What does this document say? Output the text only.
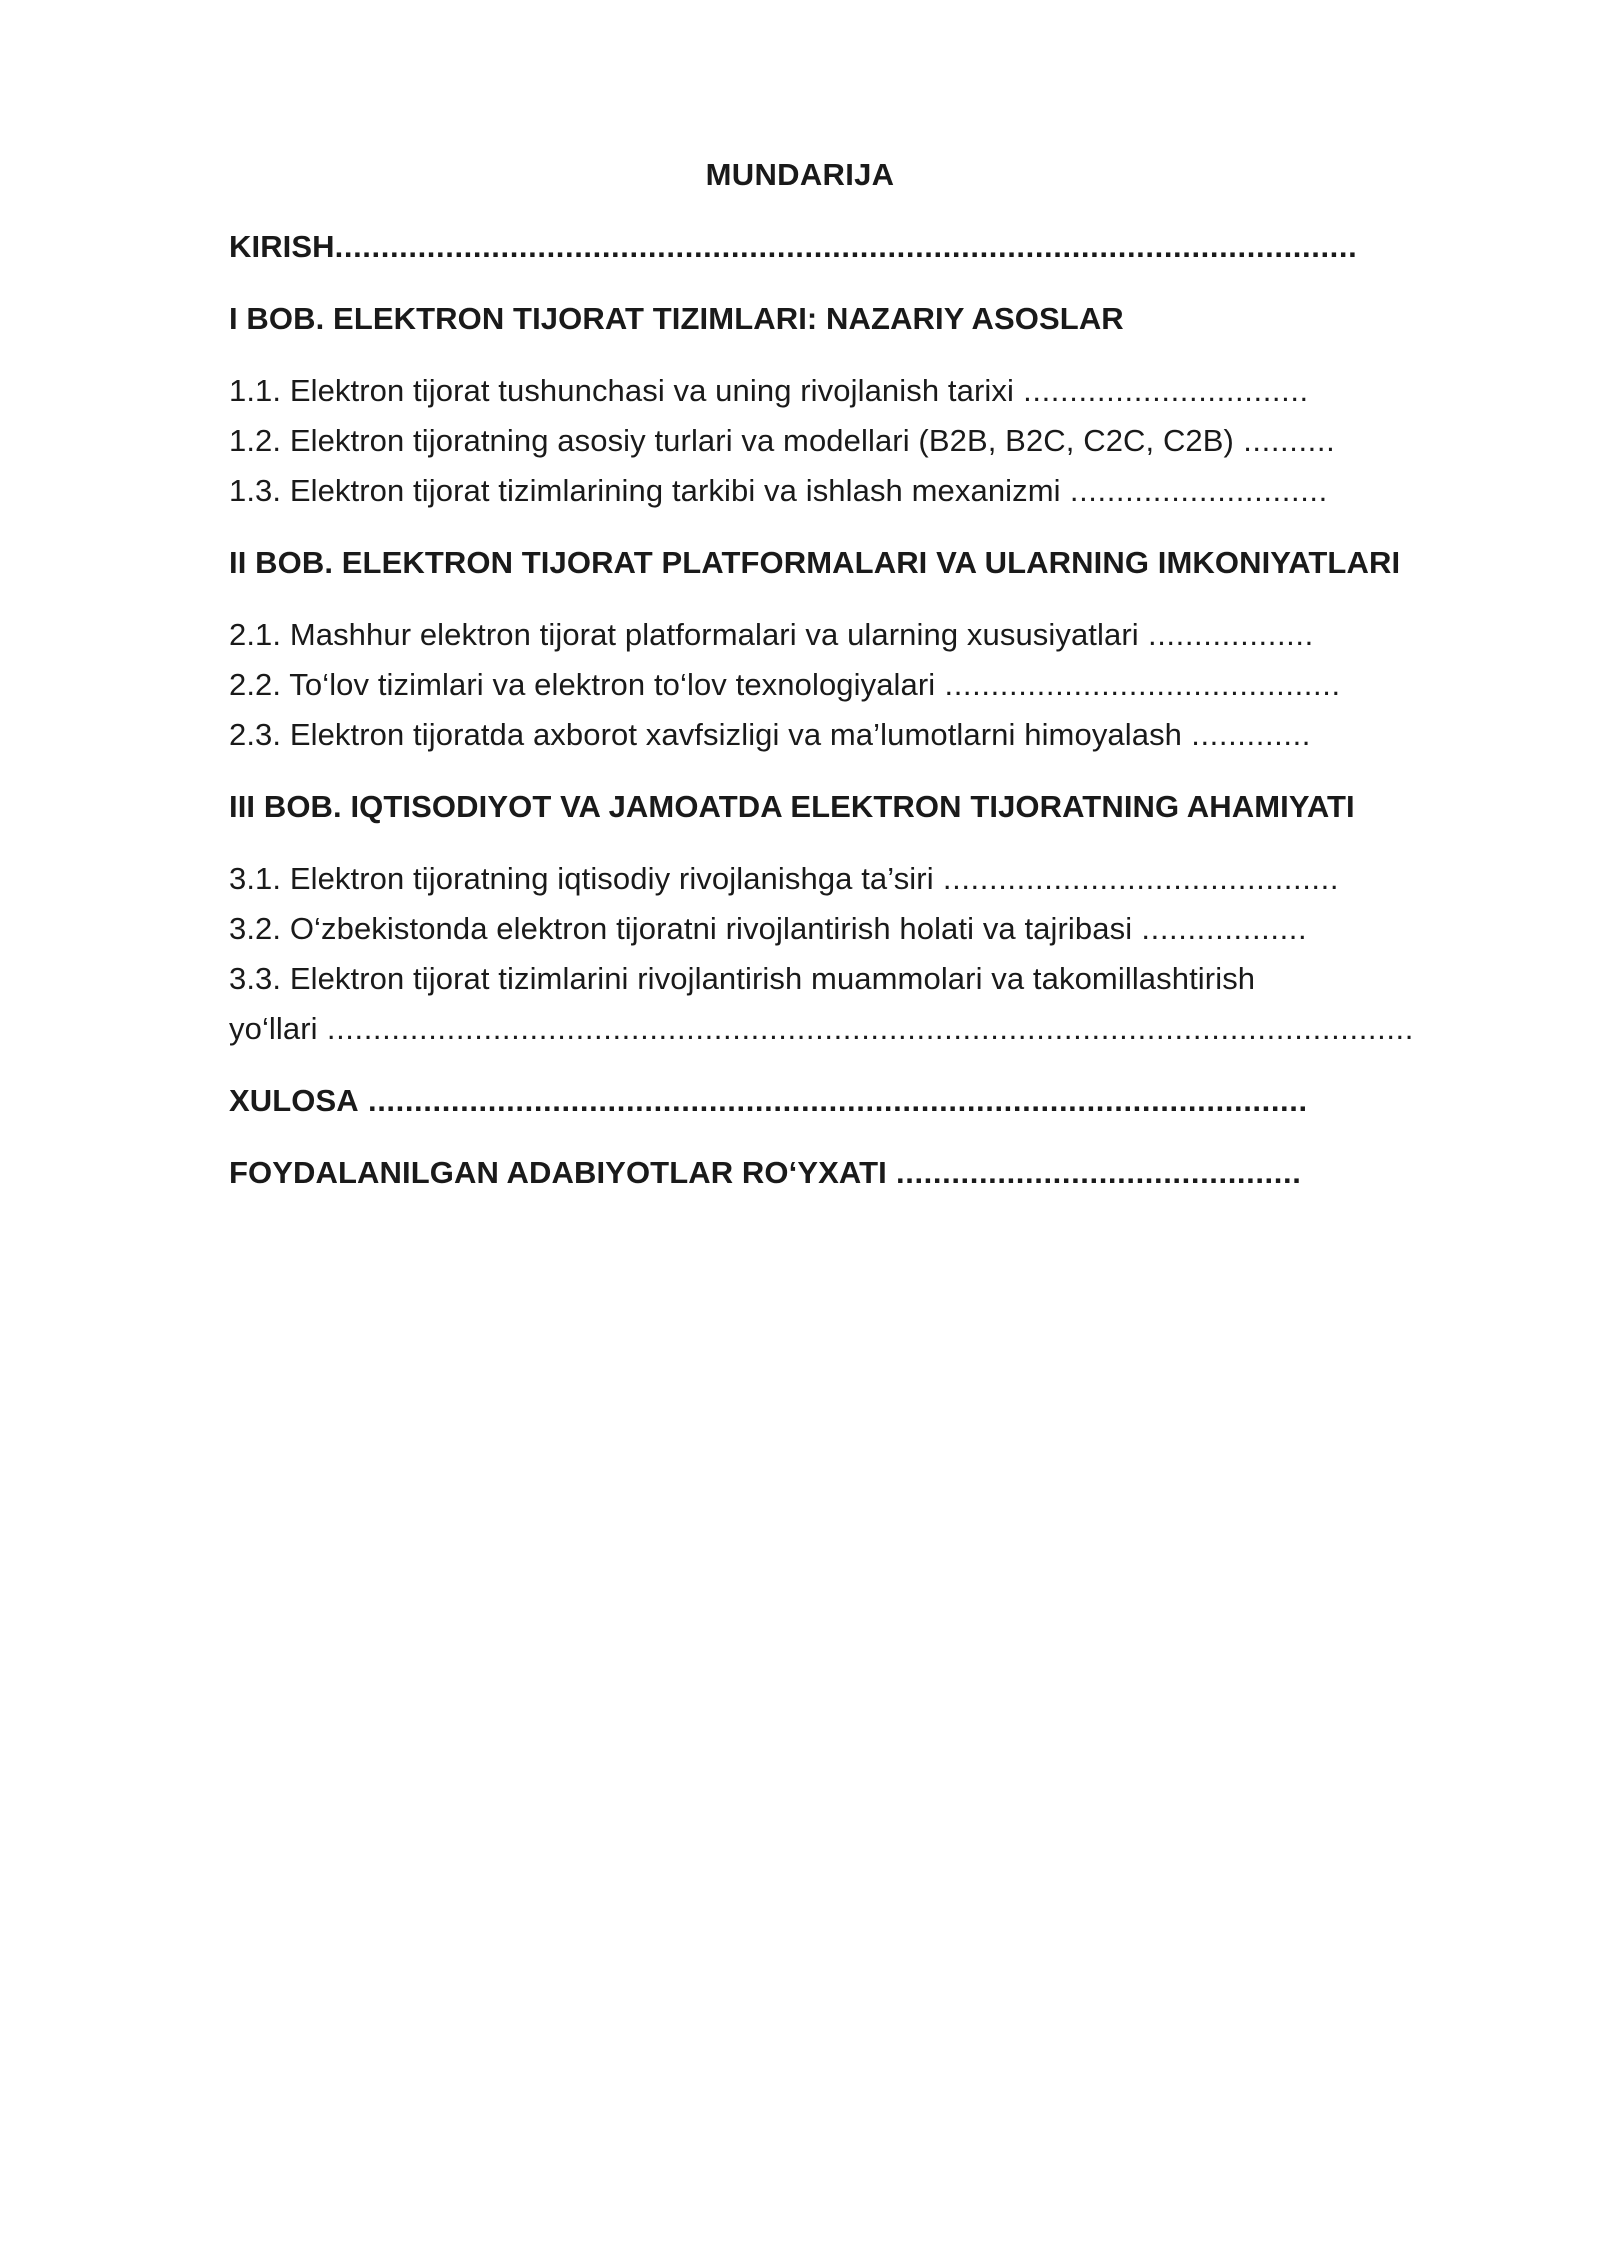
MUNDARIJA
KIRISH...............................................................................................................
I BOB. ELEKTRON TIJORAT TIZIMLARI: NAZARIY ASOSLAR
1.1. Elektron tijorat tushunchasi va uning rivojlanish tarixi ...............................
1.2. Elektron tijoratning asosiy turlari va modellari (B2B, B2C, C2C, C2B) ..........
1.3. Elektron tijorat tizimlarining tarkibi va ishlash mexanizmi ............................
II BOB. ELEKTRON TIJORAT PLATFORMALARI VA ULARNING IMKONIYATLARI
2.1. Mashhur elektron tijorat platformalari va ularning xususiyatlari ..................
2.2. To‘lov tizimlari va elektron to‘lov texnologiyalari ...........................................
2.3. Elektron tijoratda axborot xavfsizligi va ma’lumotlarni himoyalash .............
III BOB. IQTISODIYOT VA JAMOATDA ELEKTRON TIJORATNING AHAMIYATI
3.1. Elektron tijoratning iqtisodiy rivojlanishga ta’siri ...........................................
3.2. O‘zbekistonda elektron tijoratni rivojlantirish holati va tajribasi ..................
3.3. Elektron tijorat tizimlarini rivojlantirish muammolari va takomillashtirish
yo‘llari ......................................................................................................................
XULOSA ......................................................................................................
FOYDALANILGAN ADABIYOTLAR RO‘YXATI ............................................
